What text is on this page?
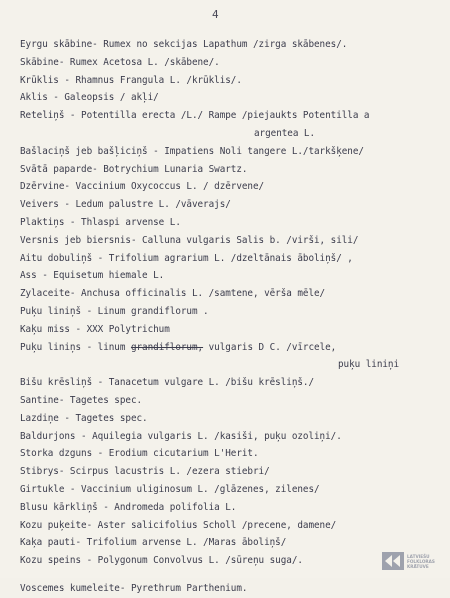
4
Eyrgu skābine- Rumex no sekcijas Lapathum /zirga skābenes/.
Skābine- Rumex Acetosa L. /skābene/.
Krūklis - Rhamnus Frangula L. /krūklis/.
Aklis - Galeopsis / akļi/
Reteliņš - Potentilla erecta /L./ Rampe /piejaukts Potentilla a
argentea L.
Bašlaciņš jeb bašļiciņš - Impatiens Noli tangere L./tarkšķene/
Svātā paparde- Botrychium Lunaria Swartz.
Dzērvine- Vaccinium Oxycoccus L. / dzērvene/
Veivers - Ledum palustre L. /vāverajs/
Plaktiņs - Thlaspi arvense L.
Versnis jeb biersnis- Calluna vulgaris Salis b. /virši, sili/
Aitu dobuliņš - Trifolium agrarium L. /dzeltānais āboliņš/ ,
Ass - Equisetum hiemale L.
Zylaceite- Anchusa officinalis L. /samtene, vērša mēle/
Puķu liniņš - Linum grandiflorum .
Kaķu miss - XXX Polytrichum
Puķu liniņs - linum grandiflorum, vulgaris D C. /vīrcele,
puķu liniņi
Bišu krēsliņš - Tanacetum vulgare L. /bišu krēsliņš./
Santine- Tagetes spec.
Lazdiņe - Tagetes spec.
Baldurjons - Aquilegia vulgaris L. /kasiši, puķu ozoliņi/.
Storka dzguns - Erodium cicutarium L'Herit.
Stibrys- Scirpus lacustris L. /ezera stiebri/
Girtukle - Vaccinium uliginosum L. /glāzenes, zilenes/
Blusu kārkliņš - Andromeda polifolia L.
Kozu puķeite- Aster salicifolius Scholl /precene, damene/
Kaķa pauti- Trifolium arvense L. /Maras āboliņš/
Kozu speins - Polygonum Convolvus L. /sūreņu suga/.
Voscemes kumeleite- Pyrethrum Parthenium.
LATVIEŠU
FOLKLORAS
KRĀTUVE
